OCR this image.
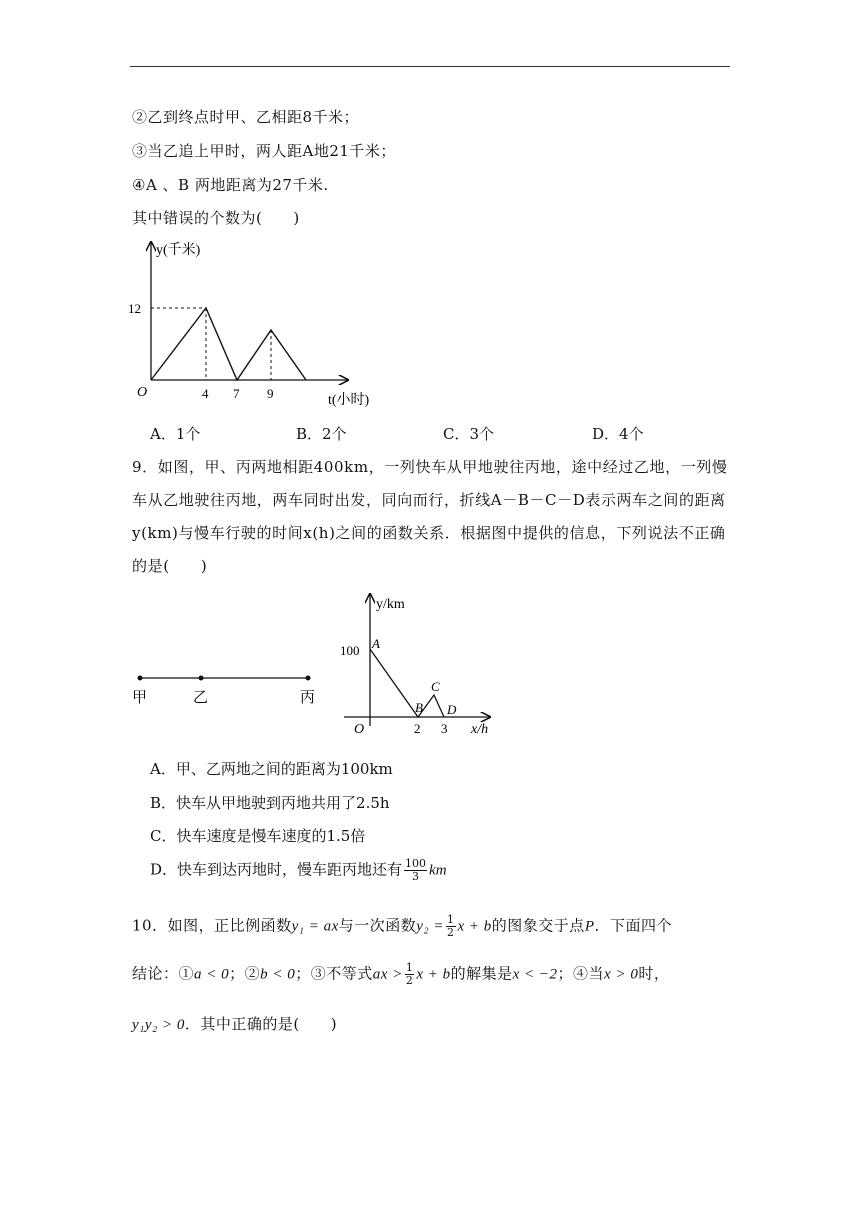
②乙到终点时甲、乙相距8千米；
③当乙追上甲时，两人距A地21千米；
④A 、B 两地距离为27千米.
其中错误的个数为(　　)
y(千米)
12
O	4 7 9	t(小时)
A．1个	B．2个	C．3个	D．4个
9．如图，甲、丙两地相距400km，一列快车从甲地驶往丙地，途中经过乙地，一列慢车从乙地驶往丙地，两车同时出发，同向而行，折线A－B－C－D表示两车之间的距离y(km)与慢车行驶的时间x(h)之间的函数关系．根据图中提供的信息，下列说法不正确的是(　　)
甲	乙	丙
y/km
100 A
B
C
D
O	2 3 x/h
A．甲、乙两地之间的距离为100km
B．快车从甲地驶到丙地共用了2.5h
C．快车速度是慢车速度的1.5倍
D．快车到达丙地时，慢车距丙地还有 $\frac{100}{3}$ km
10．如图，正比例函数y₁ = ax与一次函数$y_2 = \frac{1}{2}$ x + b的图象交于点P．下面四个
结论：①a < 0；②b < 0；③不等式ax > $\frac{1}{2}$ x + b的解集是x < −2；④当x > 0时，
y₁y₂ > 0．其中正确的是(　　)
